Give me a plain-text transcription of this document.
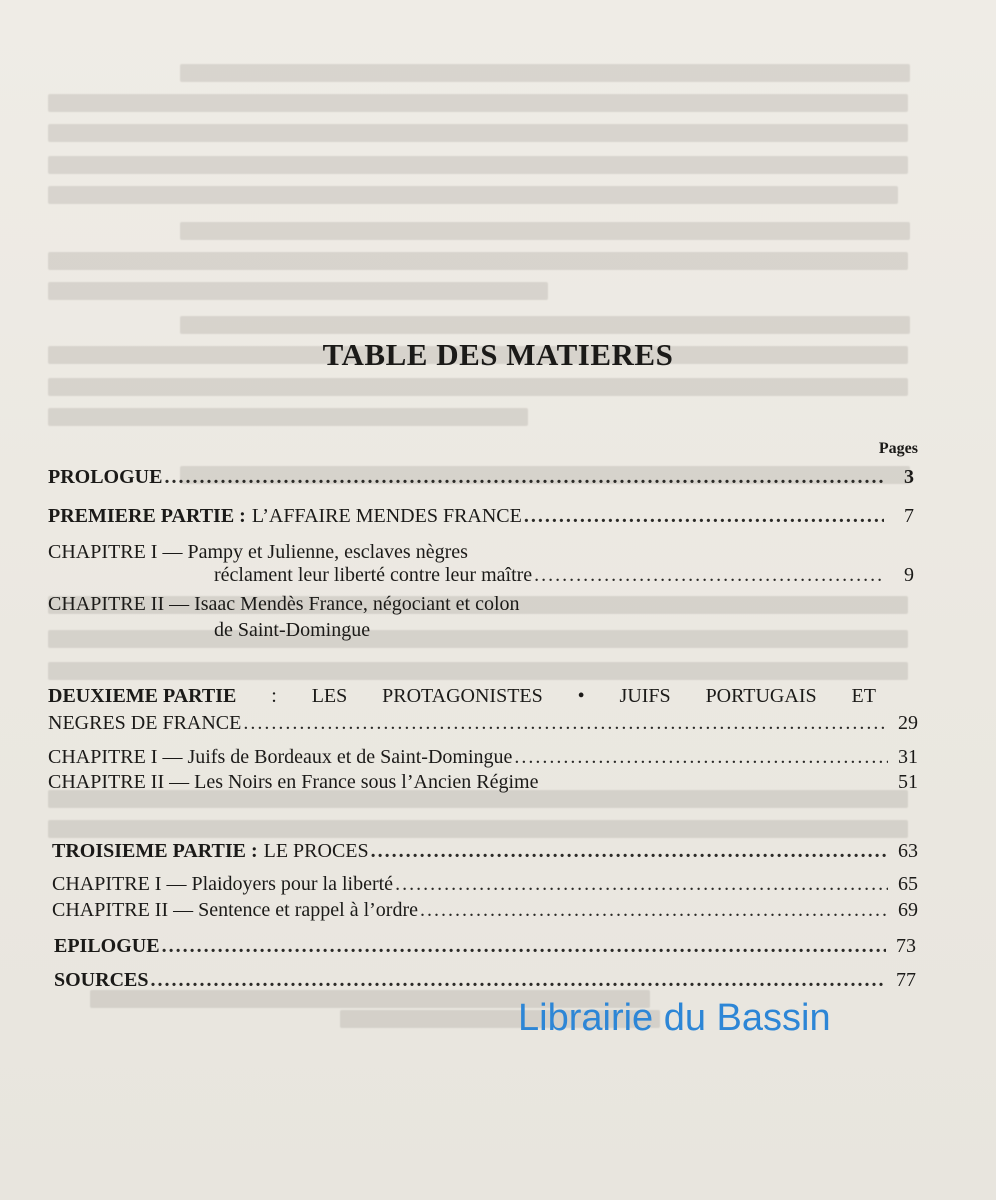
TABLE DES MATIERES
Pages
PROLOGUE .....	3
PREMIERE PARTIE : L’AFFAIRE MENDES FRANCE .....	7
CHAPITRE I — Pampy et Julienne, esclaves nègres
réclament leur liberté contre leur maître .....	9
CHAPITRE II — Isaac Mendès France, négociant et colon
de Saint-Domingue
DEUXIEME PARTIE : LES PROTAGONISTES • JUIFS PORTUGAIS ET
NEGRES DE FRANCE .....	29
CHAPITRE I — Juifs de Bordeaux et de Saint-Domingue .....	31
CHAPITRE II — Les Noirs en France sous l’Ancien Régime	51
TROISIEME PARTIE : LE PROCES .....	63
CHAPITRE I — Plaidoyers pour la liberté .....	65
CHAPITRE II — Sentence et rappel à l’ordre .....	69
EPILOGUE .....	73
SOURCES .....	77
Librairie du Bassin
